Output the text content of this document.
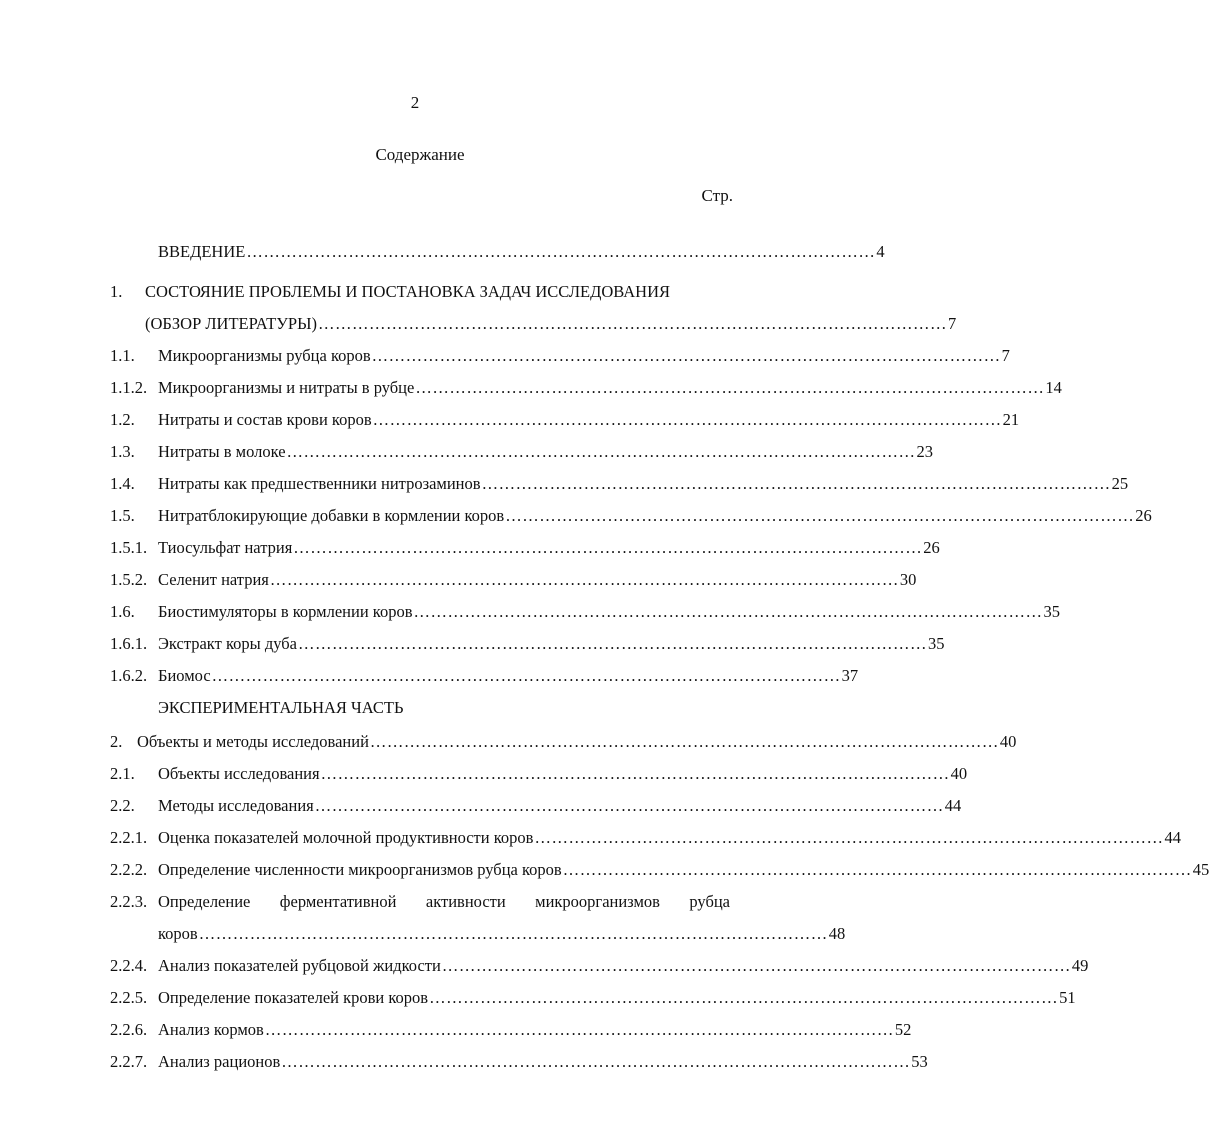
2
Содержание
Стр.
ВВЕДЕНИЕ ………………………………………………………………………………………………… 4
1. СОСТОЯНИЕ ПРОБЛЕМЫ И ПОСТАНОВКА ЗАДАЧ ИССЛЕДОВАНИЯ
(ОБЗОР ЛИТЕРАТУРЫ) ………………………………………………………………………………………………… 7
1.1. Микроорганизмы рубца коров ………………………………………………………………………………………………… 7
1.1.2. Микроорганизмы и нитраты в рубце ………………………………………………………………………………………………… 14
1.2. Нитраты и состав крови коров ………………………………………………………………………………………………… 21
1.3. Нитраты в молоке ………………………………………………………………………………………………… 23
1.4. Нитраты как предшественники нитрозаминов ………………………………………………………………………………………………… 25
1.5. Нитратблокирующие добавки в кормлении коров ………………………………………………………………………………………………… 26
1.5.1. Тиосульфат натрия ………………………………………………………………………………………………… 26
1.5.2. Селенит натрия ………………………………………………………………………………………………… 30
1.6. Биостимуляторы в кормлении коров ………………………………………………………………………………………………… 35
1.6.1. Экстракт коры дуба ………………………………………………………………………………………………… 35
1.6.2. Биомос ………………………………………………………………………………………………… 37
ЭКСПЕРИМЕНТАЛЬНАЯ ЧАСТЬ
2. Объекты и методы исследований ………………………………………………………………………………………………… 40
2.1. Объекты исследования ………………………………………………………………………………………………… 40
2.2. Методы исследования ………………………………………………………………………………………………… 44
2.2.1. Оценка показателей молочной продуктивности коров ………………………………………………………………………………………………… 44
2.2.2. Определение численности микроорганизмов рубца коров ………………………………………………………………………………………………… 45
2.2.3. Определение ферментативной активности микроорганизмов рубца
коров ………………………………………………………………………………………………… 48
2.2.4. Анализ показателей рубцовой жидкости ………………………………………………………………………………………………… 49
2.2.5. Определение показателей крови коров ………………………………………………………………………………………………… 51
2.2.6. Анализ кормов ………………………………………………………………………………………………… 52
2.2.7. Анализ рационов ………………………………………………………………………………………………… 53
